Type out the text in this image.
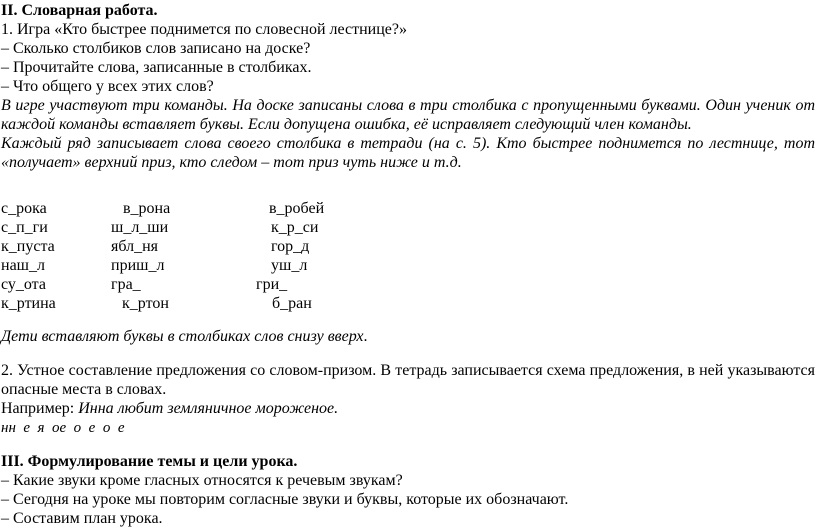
II. Словарная работа.
1. Игра «Кто быстрее поднимется по словесной лестнице?»
– Сколько столбиков слов записано на доске?
– Прочитайте слова, записанные в столбиках.
– Что общего у всех этих слов?
В игре участвуют три команды. На доске записаны слова в три столбика с пропущенными буквами. Один ученик от
каждой команды вставляет буквы. Если допущена ошибка, её исправляет следующий член команды.
Каждый ряд записывает слова своего столбика в тетради (на с. 5). Кто быстрее поднимется по лестнице, тот
«получает» верхний приз, кто следом – тот приз чуть ниже и т.д.
с_рока
с_п_ги
к_пуста
наш_л
су_ота
к_ртина
в_рона
ш_л_ши
ябл_ня
приш_л
гра_
к_ртон
в_робей
к_р_си
гор_д
уш_л
гри_
б_ран
Дети вставляют буквы в столбиках слов снизу вверх.
2. Устное составление предложения со словом-призом. В тетрадь записывается схема предложения, в ней указываются
опасные места в словах.
Например: Инна любит земляничное мороженое.
нн  е  я  ое  о  е  о  е
III. Формулирование темы и цели урока.
– Какие звуки кроме гласных относятся к речевым звукам?
– Сегодня на уроке мы повторим согласные звуки и буквы, которые их обозначают.
– Составим план урока.
